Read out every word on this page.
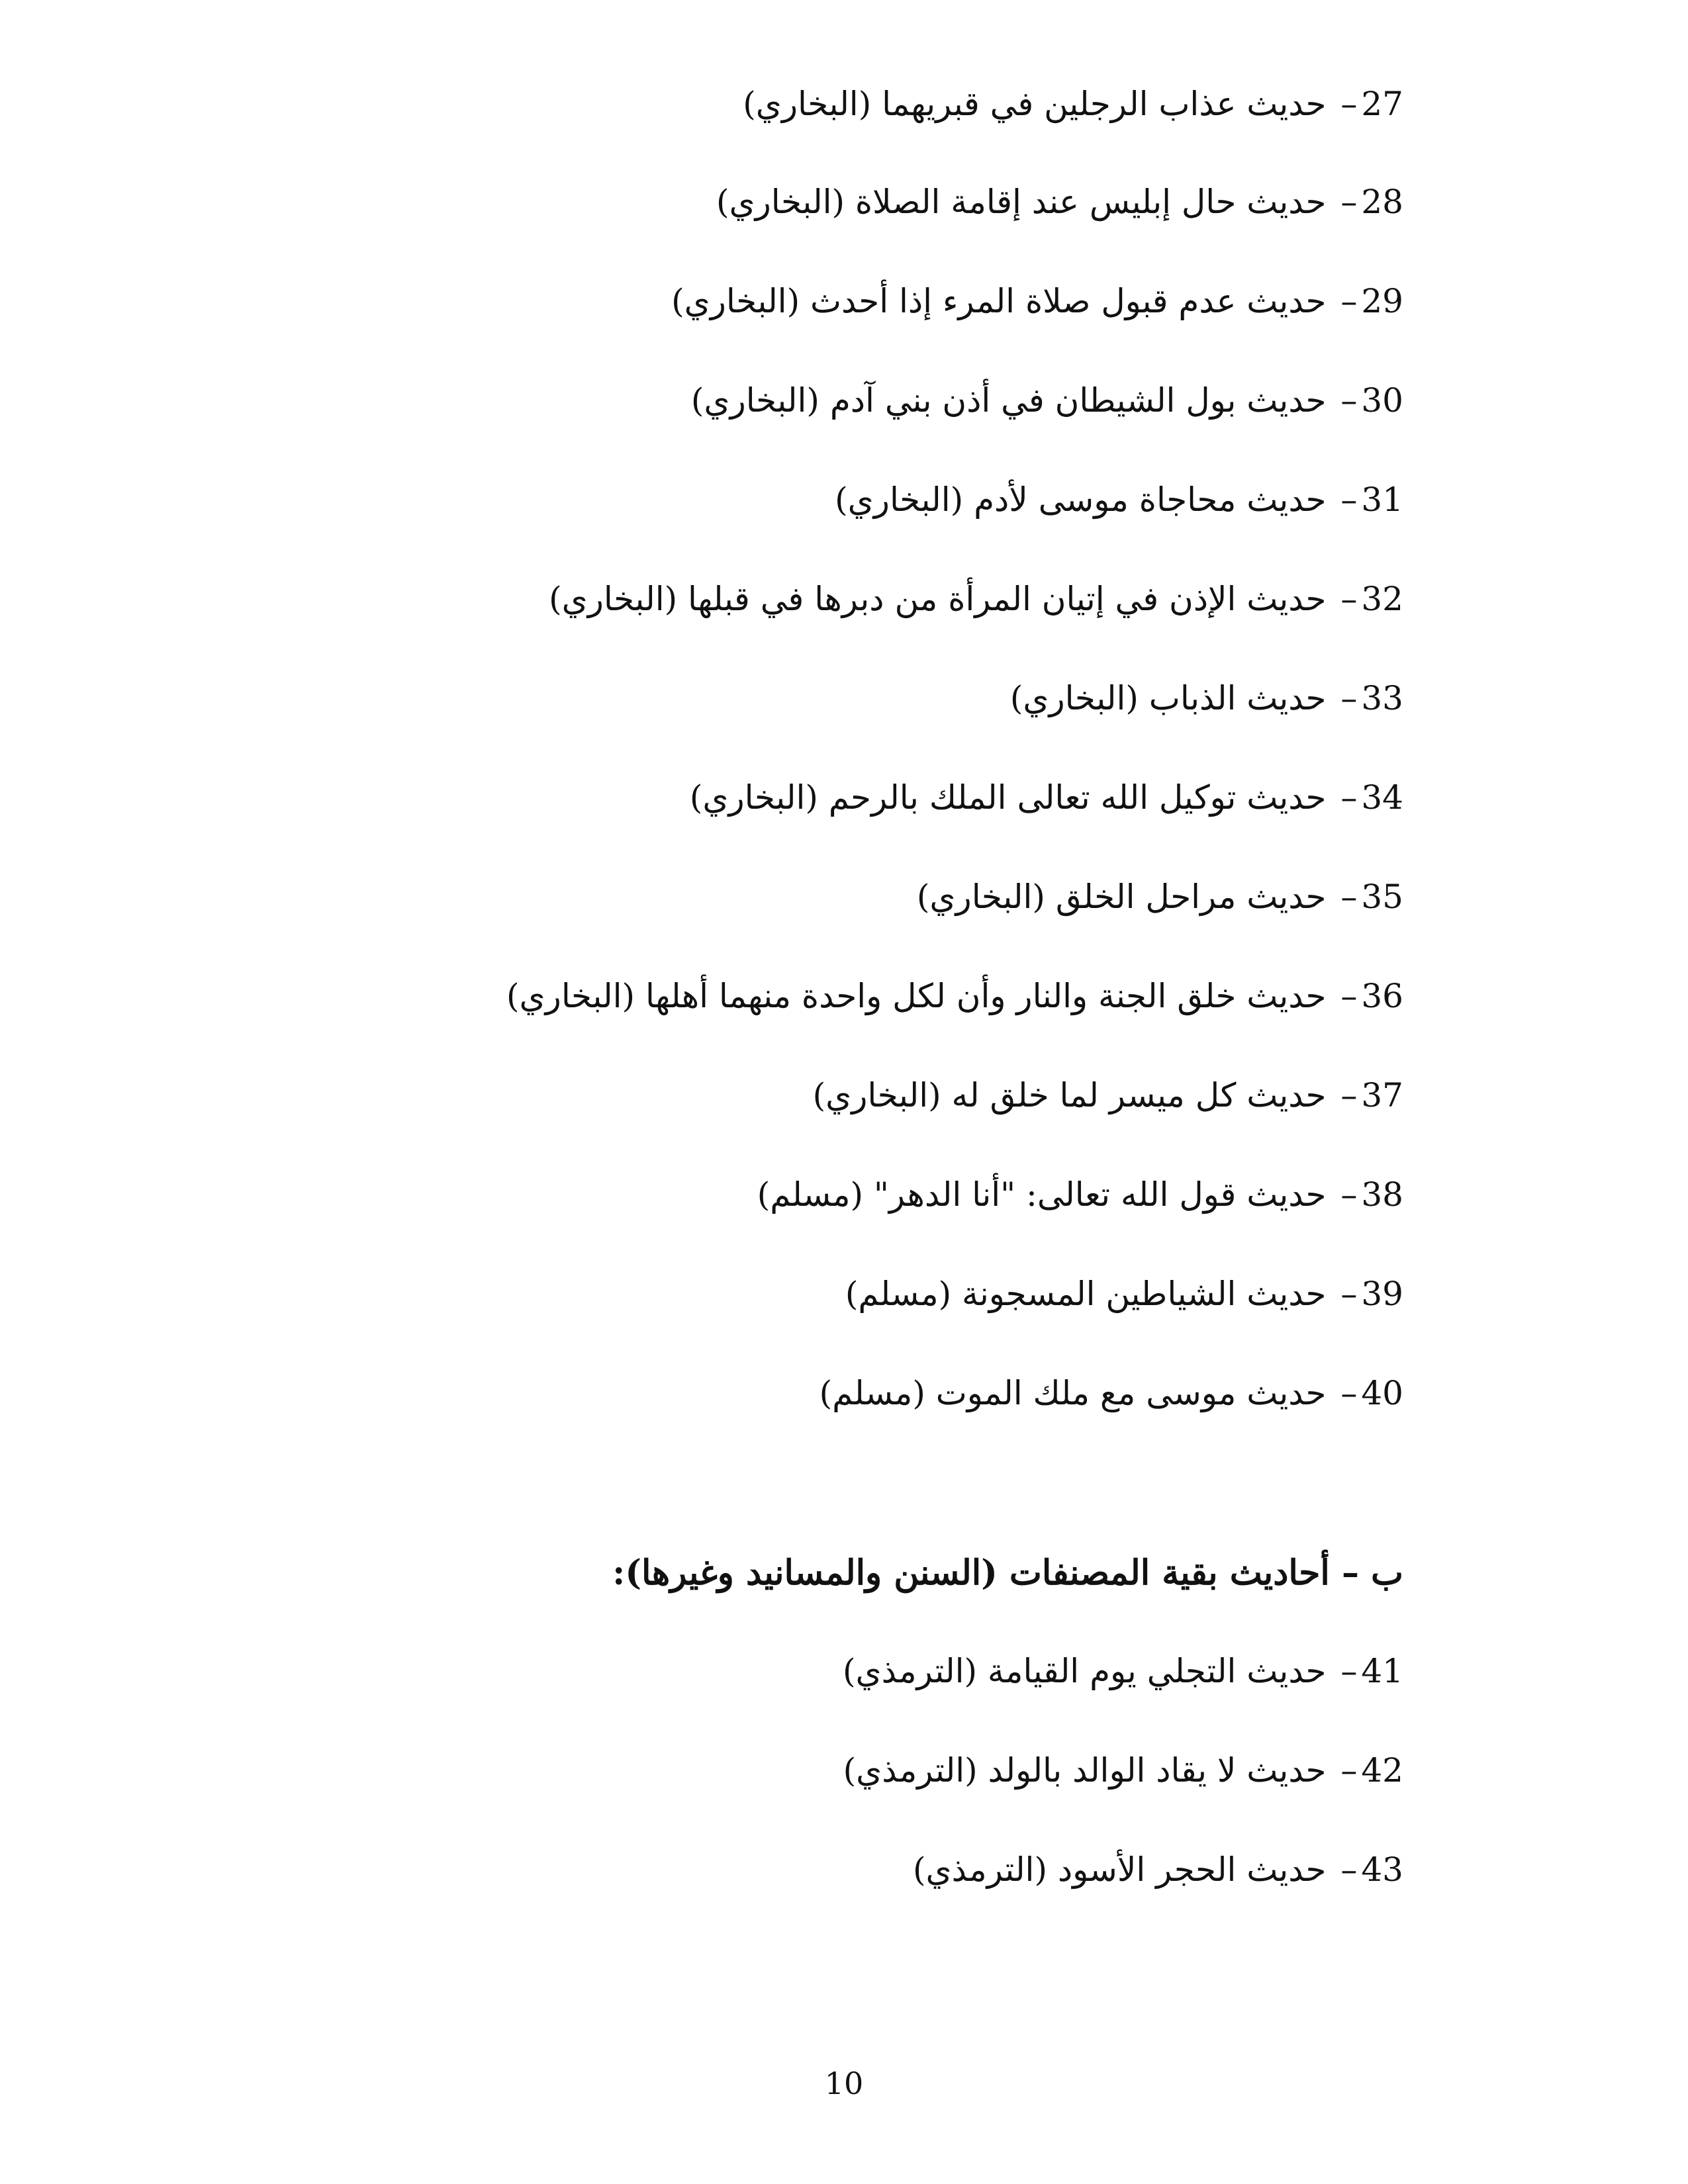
27– حديث عذاب الرجلين في قبريهما (البخاري)
28– حديث حال إبليس عند إقامة الصلاة (البخاري)
29– حديث عدم قبول صلاة المرء إذا أحدث (البخاري)
30– حديث بول الشيطان في أذن بني آدم (البخاري)
31– حديث محاجاة موسى لأدم (البخاري)
32– حديث الإذن في إتيان المرأة من دبرها في قبلها (البخاري)
33– حديث الذباب (البخاري)
34– حديث توكيل الله تعالى الملك بالرحم (البخاري)
35– حديث مراحل الخلق (البخاري)
36– حديث خلق الجنة والنار وأن لكل واحدة منهما أهلها (البخاري)
37– حديث كل ميسر لما خلق له (البخاري)
38– حديث قول الله تعالى: "أنا الدهر" (مسلم)
39– حديث الشياطين المسجونة (مسلم)
40– حديث موسى مع ملك الموت (مسلم)
ب – أحاديث بقية المصنفات (السنن والمسانيد وغيرها):
41– حديث التجلي يوم القيامة (الترمذي)
42– حديث لا يقاد الوالد بالولد (الترمذي)
43– حديث الحجر الأسود (الترمذي)
10
